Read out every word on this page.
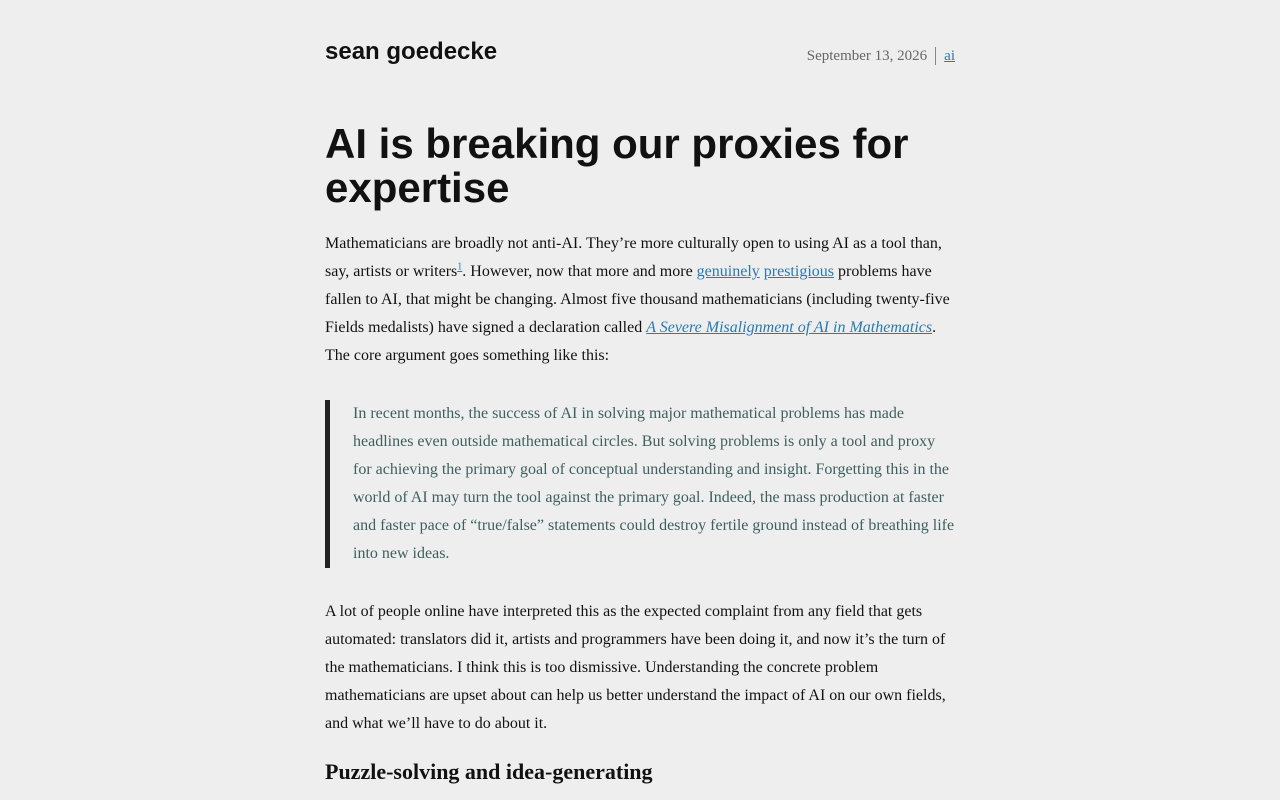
sean goedecke	September 13, 2026 ai
AI is breaking our proxies for expertise

Mathematicians are broadly not anti-AI. They’re more culturally open to using AI as a tool than, say, artists or writers$^1$. However, now that more and more genuinely prestigious problems have fallen to AI, that might be changing. Almost five thousand mathematicians (including twenty-five Fields medalists) have signed a declaration called A Severe Misalignment of AI in Mathematics. The core argument goes something like this:

In recent months, the success of AI in solving major mathematical problems has made headlines even outside mathematical circles. But solving problems is only a tool and proxy for achieving the primary goal of conceptual understanding and insight. Forgetting this in the world of AI may turn the tool against the primary goal. Indeed, the mass production at faster and faster pace of “true/false” statements could destroy fertile ground instead of breathing life into new ideas.

A lot of people online have interpreted this as the expected complaint from any field that gets automated: translators did it, artists and programmers have been doing it, and now it’s the turn of the mathematicians. I think this is too dismissive. Understanding the concrete problem mathematicians are upset about can help us better understand the impact of AI on our own fields, and what we’ll have to do about it.

Puzzle-solving and idea-generating
